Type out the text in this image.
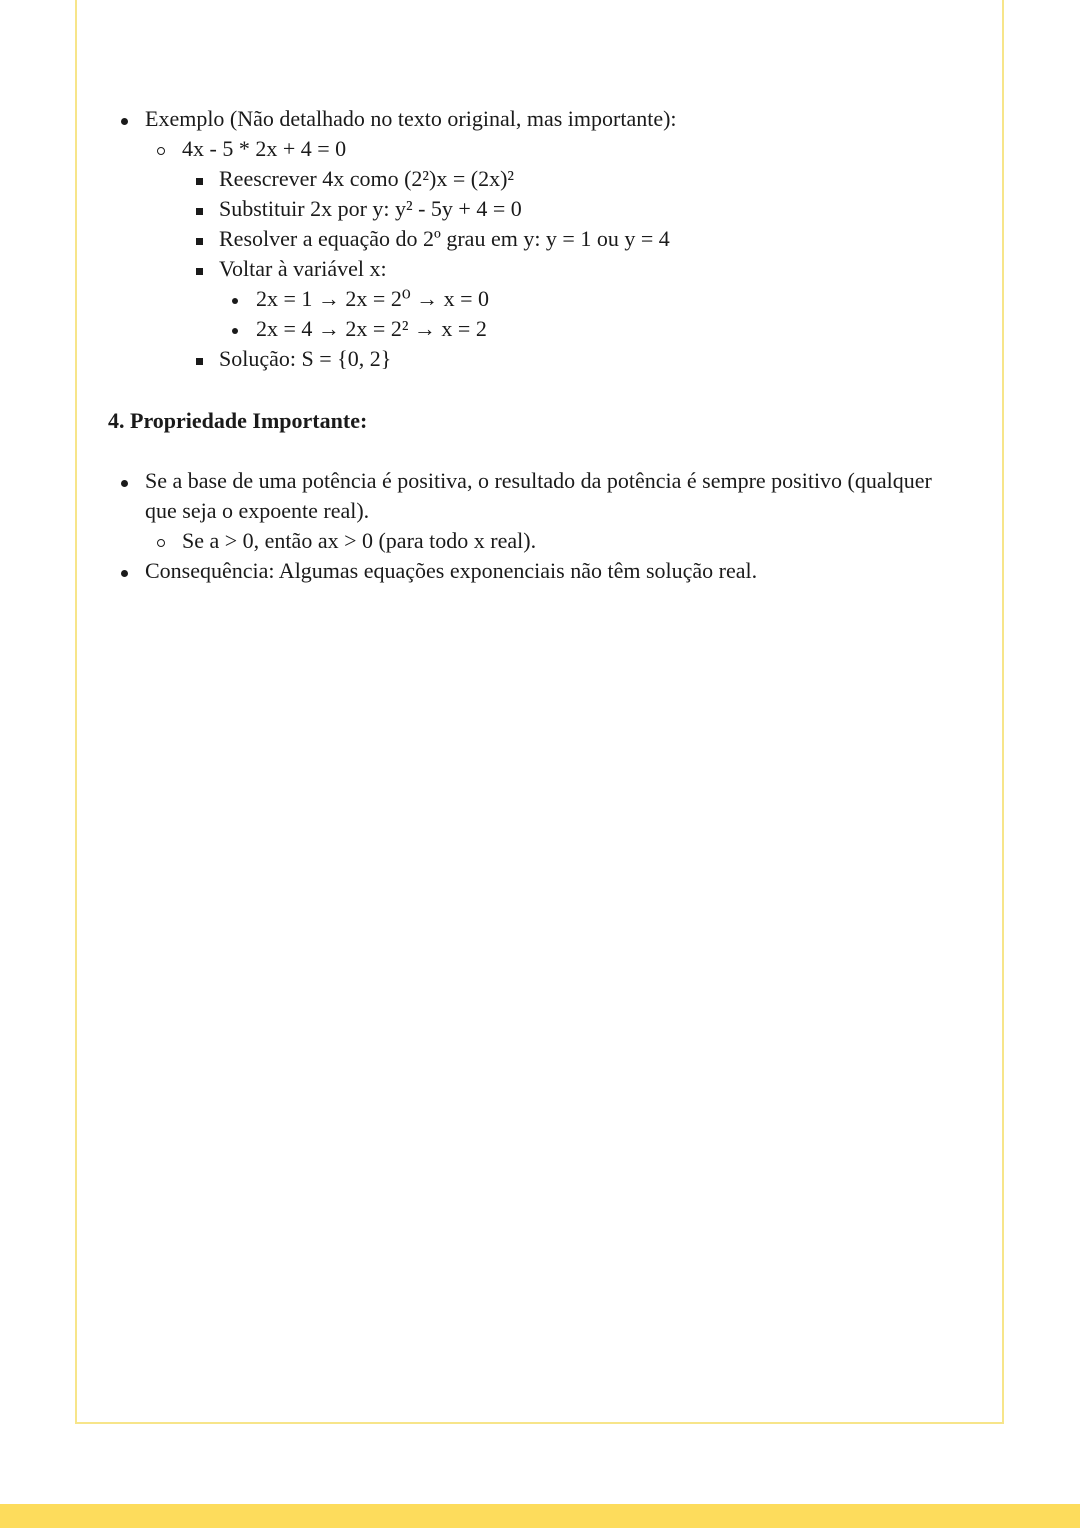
Exemplo (Não detalhado no texto original, mas importante):
4x - 5 * 2x + 4 = 0
Reescrever 4x como (2²)x = (2x)²
Substituir 2x por y: y² - 5y + 4 = 0
Resolver a equação do 2º grau em y: y = 1 ou y = 4
Voltar à variável x:
2x = 1 → 2x = 2⁰ → x = 0
2x = 4 → 2x = 2² → x = 2
Solução: S = {0, 2}
4. Propriedade Importante:
Se a base de uma potência é positiva, o resultado da potência é sempre positivo (qualquer que seja o expoente real).
Se a > 0, então ax > 0 (para todo x real).
Consequência: Algumas equações exponenciais não têm solução real.
